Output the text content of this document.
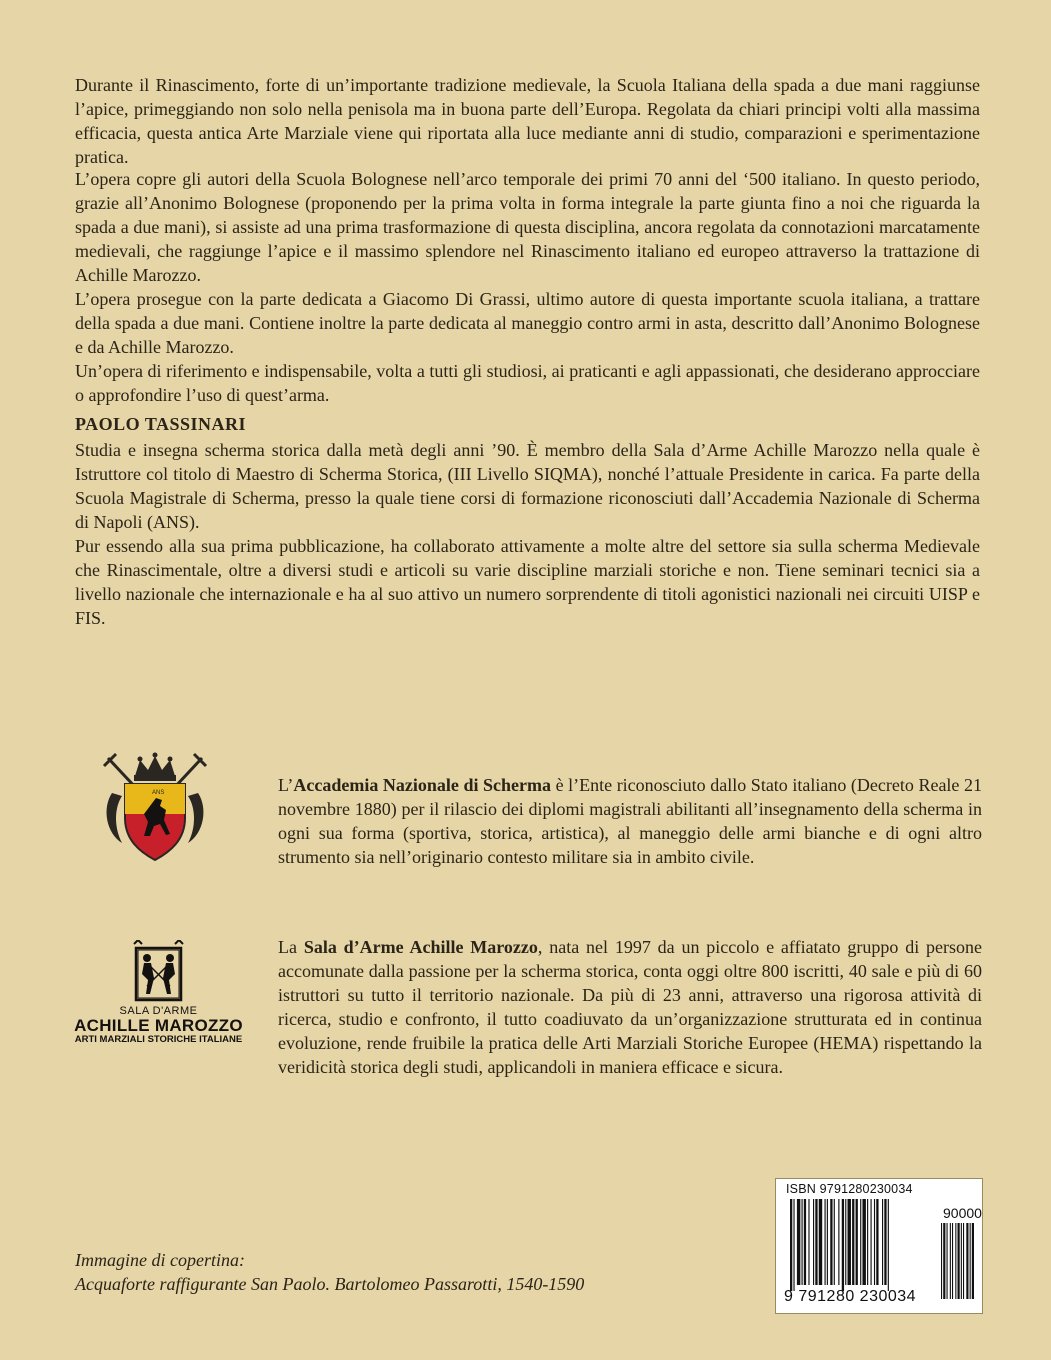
Durante il Rinascimento, forte di un’importante tradizione medievale, la Scuola Italiana della spada a due mani raggiunse l’apice, primeggiando non solo nella penisola ma in buona parte dell’Europa. Regolata da chiari principi volti alla massima efficacia, questa antica Arte Marziale viene qui riportata alla luce mediante anni di studio, comparazioni e sperimentazione pratica.

L’opera copre gli autori della Scuola Bolognese nell’arco temporale dei primi 70 anni del ‘500 italiano. In questo periodo, grazie all’Anonimo Bolognese (proponendo per la prima volta in forma integrale la parte giunta fino a noi che riguarda la spada a due mani), si assiste ad una prima trasformazione di questa disciplina, ancora regolata da connotazioni marcatamente medievali, che raggiunge l’apice e il massimo splendore nel Rinascimento italiano ed europeo attraverso la trattazione di Achille Marozzo.
L’opera prosegue con la parte dedicata a Giacomo Di Grassi, ultimo autore di questa importante scuola italiana, a trattare della spada a due mani. Contiene inoltre la parte dedicata al maneggio contro armi in asta, descritto dall’Anonimo Bolognese e da Achille Marozzo.
Un’opera di riferimento e indispensabile, volta a tutti gli studiosi, ai praticanti e agli appassionati, che desiderano approcciare o approfondire l’uso di quest’arma.

PAOLO TASSINARI

Studia e insegna scherma storica dalla metà degli anni ’90. È membro della Sala d’Arme Achille Marozzo nella quale è Istruttore col titolo di Maestro di Scherma Storica, (III Livello SIQMA), nonché l’attuale Presidente in carica. Fa parte della Scuola Magistrale di Scherma, presso la quale tiene corsi di formazione riconosciuti dall’Accademia Nazionale di Scherma di Napoli (ANS).
Pur essendo alla sua prima pubblicazione, ha collaborato attivamente a molte altre del settore sia sulla scherma Medievale che Rinascimentale, oltre a diversi studi e articoli su varie discipline marziali storiche e non. Tiene seminari tecnici sia a livello nazionale che internazionale e ha al suo attivo un numero sorprendente di titoli agonistici nazionali nei circuiti UISP e FIS.
ANS	L’Accademia Nazionale di Scherma è l’Ente riconosciuto dallo Stato italiano (Decreto Reale 21 novembre 1880) per il rilascio dei diplomi magistrali abilitanti all’insegnamento della scherma in ogni sua forma (sportiva, storica, artistica), al maneggio delle armi bianche e di ogni altro strumento sia nell’originario contesto militare sia in ambito civile.

SALA D'ARME

ACHILLE MAROZZO

ARTI MARZIALI STORICHE ITALIANE

La Sala d’Arme Achille Marozzo, nata nel 1997 da un piccolo e affiatato gruppo di persone accomunate dalla passione per la scherma storica, conta oggi oltre 800 iscritti, 40 sale e più di 60 istruttori su tutto il territorio nazionale. Da più di 23 anni, attraverso una rigorosa attività di ricerca, studio e confronto, il tutto coadiuvato da un’organizzazione strutturata ed in continua evoluzione, rende fruibile la pratica delle Arti Marziali Storiche Europee (HEMA) rispettando la veridicità storica degli studi, applicandoli in maniera efficace e sicura.

Immagine di copertina:

Acquaforte raffigurante San Paolo. Bartolomeo Passarotti, 1540-1590

ISBN 9791280230034

90000

9 791280 230034
